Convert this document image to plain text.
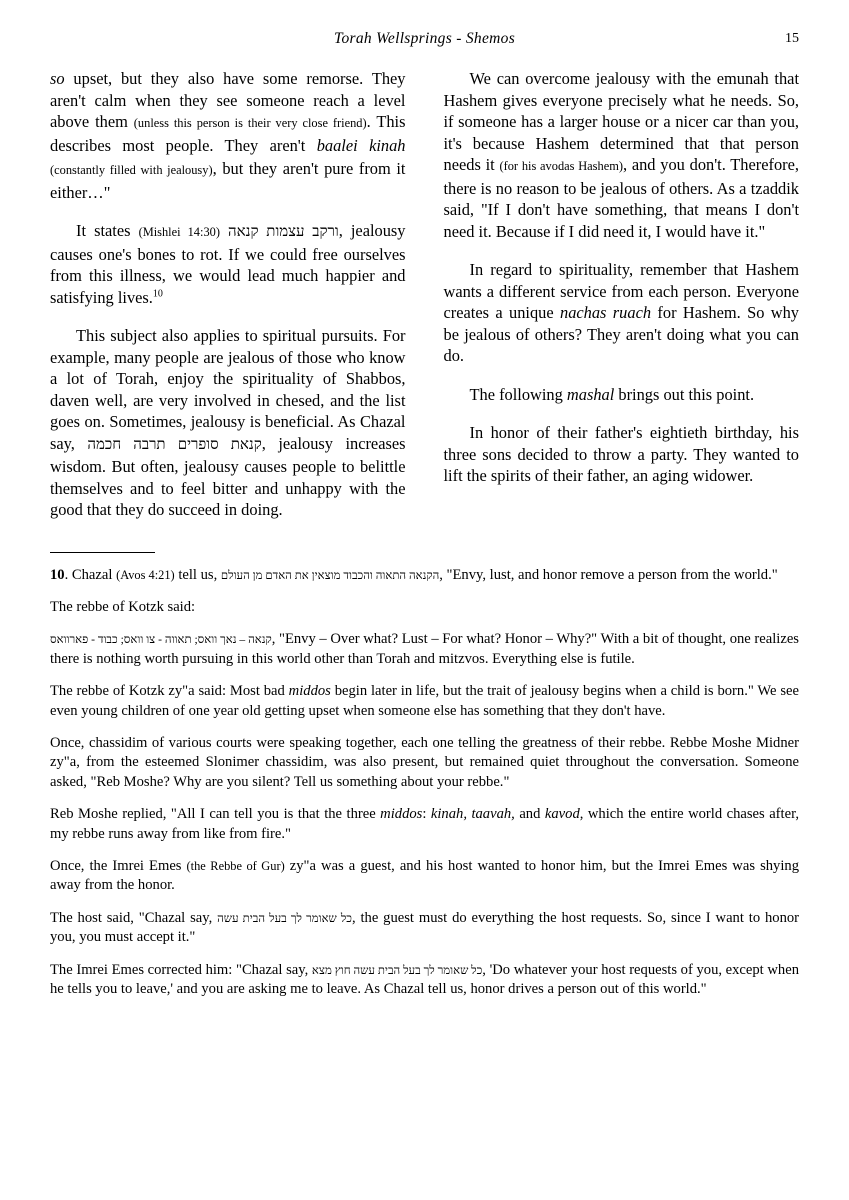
Torah Wellsprings - Shemos	15

so upset, but they also have some remorse. They aren't calm when they see someone reach a level above them (unless this person is their very close friend). This describes most people. They aren't baalei kinah (constantly filled with jealousy), but they aren't pure from it either…"

It states (Mishlei 14:30) ורקב עצמות קנאה, jealousy causes one's bones to rot. If we could free ourselves from this illness, we would lead much happier and satisfying lives.$^{10}$

This subject also applies to spiritual pursuits. For example, many people are jealous of those who know a lot of Torah, enjoy the spirituality of Shabbos, daven well, are very involved in chesed, and the list goes on. Sometimes, jealousy is beneficial. As Chazal say, קנאת סופרים תרבה חכמה, jealousy increases wisdom. But often, jealousy causes people to belittle themselves and to feel bitter and unhappy with the good that they do succeed in doing.

We can overcome jealousy with the emunah that Hashem gives everyone precisely what he needs. So, if someone has a larger house or a nicer car than you, it's because Hashem determined that that person needs it (for his avodas Hashem), and you don't. Therefore, there is no reason to be jealous of others. As a tzaddik said, "If I don't have something, that means I don't need it. Because if I did need it, I would have it."

In regard to spirituality, remember that Hashem wants a different service from each person. Everyone creates a unique nachas ruach for Hashem. So why be jealous of others? They aren't doing what you can do.

The following mashal brings out this point.

In honor of their father's eightieth birthday, his three sons decided to throw a party. They wanted to lift the spirits of their father, an aging widower.

10. Chazal (Avos 4:21) tell us, הקנאה התאוה והכבוד מוצאין את האדם מן העולם, "Envy, lust, and honor remove a person from the world."

The rebbe of Kotzk said:

קנאה – נאך וואס; תאווה - צו וואס; כבוד - פארוואס, "Envy – Over what? Lust – For what? Honor – Why?" With a bit of thought, one realizes there is nothing worth pursuing in this world other than Torah and mitzvos. Everything else is futile.

The rebbe of Kotzk zy"a said: Most bad middos begin later in life, but the trait of jealousy begins when a child is born." We see even young children of one year old getting upset when someone else has something that they don't have.

Once, chassidim of various courts were speaking together, each one telling the greatness of their rebbe. Rebbe Moshe Midner zy"a, from the esteemed Slonimer chassidim, was also present, but remained quiet throughout the conversation. Someone asked, "Reb Moshe? Why are you silent? Tell us something about your rebbe."

Reb Moshe replied, "All I can tell you is that the three middos: kinah, taavah, and kavod, which the entire world chases after, my rebbe runs away from like from fire."

Once, the Imrei Emes (the Rebbe of Gur) zy"a was a guest, and his host wanted to honor him, but the Imrei Emes was shying away from the honor.

The host said, "Chazal say, כל שאומר לך בעל הבית עשה, the guest must do everything the host requests. So, since I want to honor you, you must accept it."

The Imrei Emes corrected him: "Chazal say, כל שאומר לך בעל הבית עשה חוץ מצא, 'Do whatever your host requests of you, except when he tells you to leave,' and you are asking me to leave. As Chazal tell us, honor drives a person out of this world."
